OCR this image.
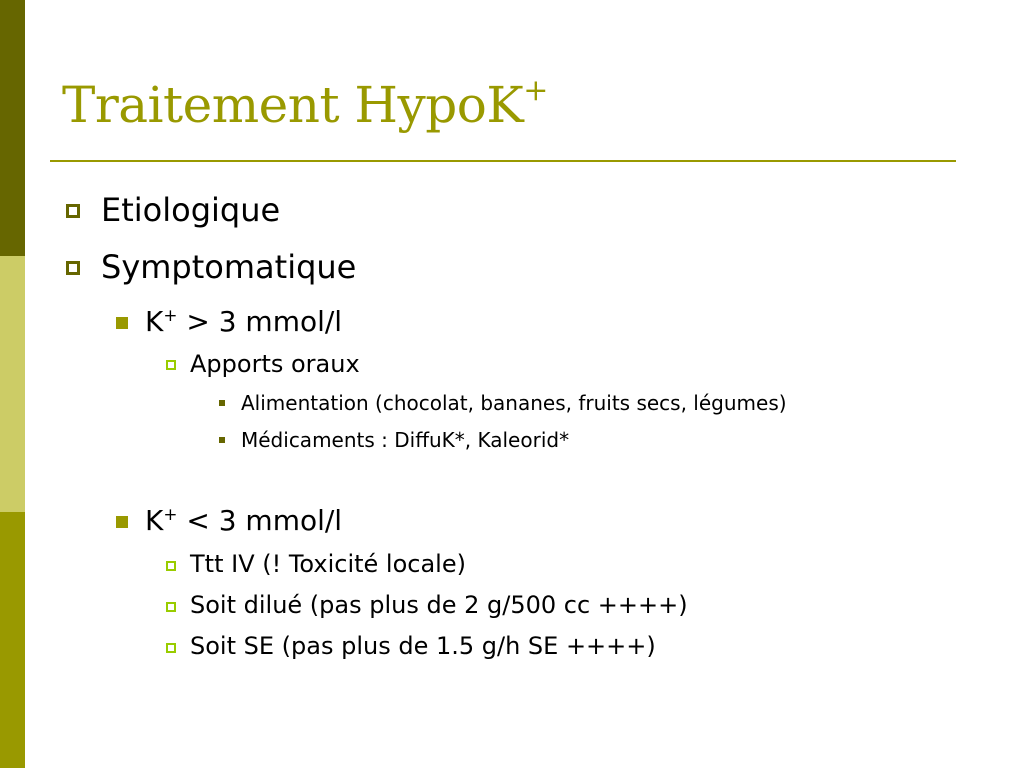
Traitement HypoK+
Etiologique
Symptomatique
K+ > 3 mmol/l
Apports oraux
Alimentation (chocolat, bananes, fruits secs, légumes)
Médicaments : DiffuK*, Kaleorid*
K+ < 3 mmol/l
Ttt IV (! Toxicité locale)
Soit dilué (pas plus de 2 g/500 cc ++++)
Soit SE (pas plus de 1.5 g/h SE ++++)
